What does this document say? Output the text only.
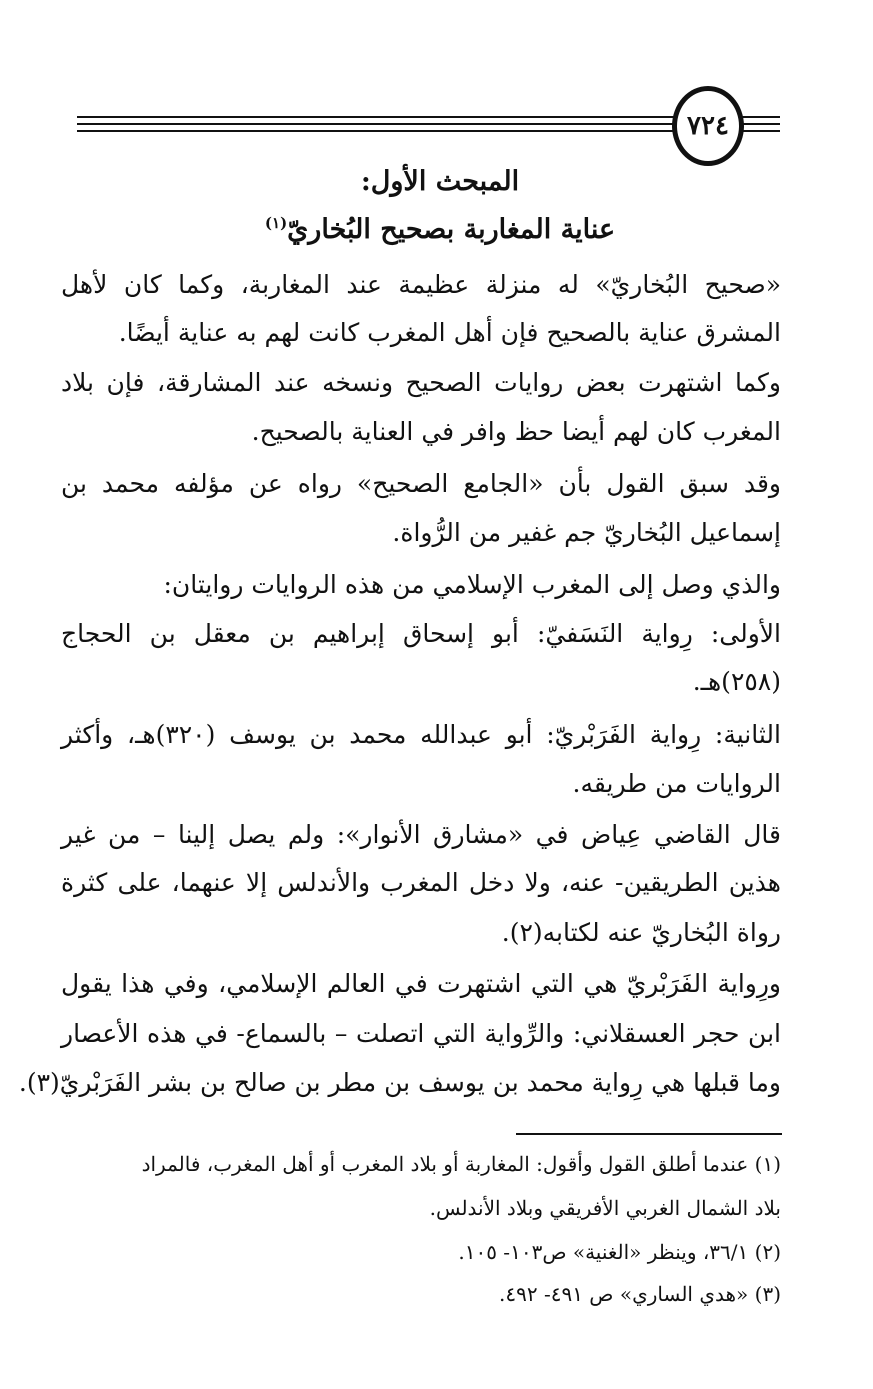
٧٢٤
المبحث الأول:
عناية المغاربة بصحيح البُخاريّ$^{(١)}$
«صحيح البُخاريّ» له منزلة عظيمة عند المغاربة، وكما كان لأهل
المشرق عناية بالصحيح فإن أهل المغرب كانت لهم به عناية أيضًا.
وكما اشتهرت بعض روايات الصحيح ونسخه عند المشارقة، فإن بلاد
المغرب كان لهم أيضا حظ وافر في العناية بالصحيح.
وقد سبق القول بأن «الجامع الصحيح» رواه عن مؤلفه محمد بن
إسماعيل البُخاريّ جم غفير من الرُّواة.
والذي وصل إلى المغرب الإسلامي من هذه الروايات روايتان:
الأولى: رِواية النَسَفيّ: أبو إسحاق إبراهيم بن معقل بن الحجاج
(٢٥٨)هـ.
الثانية: رِواية الفَرَبْريّ: أبو عبدالله محمد بن يوسف (٣٢٠)هـ، وأكثر
الروايات من طريقه.
قال القاضي عِياض في «مشارق الأنوار»: ولم يصل إلينا – من غير
هذين الطريقين- عنه، ولا دخل المغرب والأندلس إلا عنهما، على كثرة
رواة البُخاريّ عنه لكتابه(٢).
ورِواية الفَرَبْريّ هي التي اشتهرت في العالم الإسلامي، وفي هذا يقول
ابن حجر العسقلاني: والرِّواية التي اتصلت – بالسماع- في هذه الأعصار
وما قبلها هي رِواية محمد بن يوسف بن مطر بن صالح بن بشر الفَرَبْريّ(٣).
(١) عندما أطلق القول وأقول: المغاربة أو بلاد المغرب أو أهل المغرب، فالمراد
بلاد الشمال الغربي الأفريقي وبلاد الأندلس.
(٢) ٣٦/١، وينظر «الغنية» ص١٠٣- ١٠٥.
(٣) «هدي الساري» ص ٤٩١- ٤٩٢.
